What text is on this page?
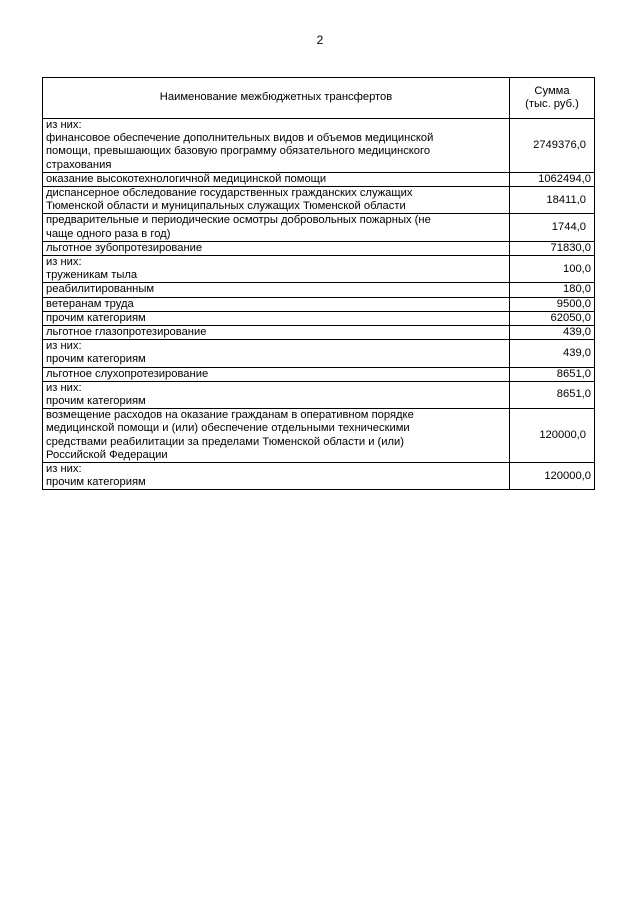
2
Наименование межбюджетных трансфертов	Сумма
(тыс. руб.)

из них:
финансовое обеспечение дополнительных видов и объемов медицинской
помощи, превышающих базовую программу обязательного медицинского
страхования	2749376,0

оказание высокотехнологичной медицинской помощи	1062494,0

диспансерное обследование государственных гражданских служащих
Тюменской области и муниципальных служащих Тюменской области	18411,0

предварительные и периодические осмотры добровольных пожарных (не
чаще одного раза в год)	1744,0

льготное зубопротезирование	71830,0

из них:
труженикам тыла	100,0

реабилитированным	180,0

ветеранам труда	9500,0

прочим категориям	62050,0

льготное глазопротезирование	439,0

из них:
прочим категориям	439,0

льготное слухопротезирование	8651,0

из них:
прочим категориям	8651,0

возмещение расходов на оказание гражданам в оперативном порядке
медицинской помощи и (или) обеспечение отдельными техническими
средствами реабилитации за пределами Тюменской области и (или)
Российской Федерации	120000,0

из них:
прочим категориям	120000,0
